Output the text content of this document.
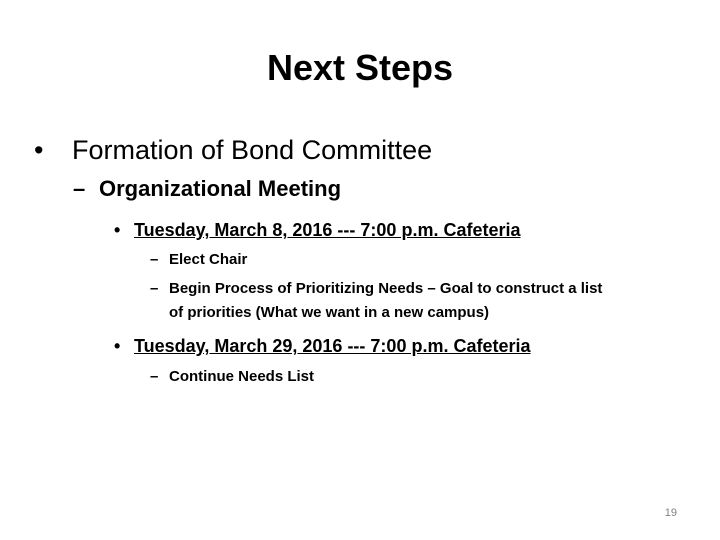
Next Steps
• Formation of Bond Committee
– Organizational Meeting
• Tuesday, March 8, 2016 --- 7:00 p.m. Cafeteria
– Elect Chair
– Begin Process of Prioritizing Needs – Goal to construct a list
of priorities (What we want in a new campus)
• Tuesday, March 29, 2016 --- 7:00 p.m. Cafeteria
– Continue Needs List
19
